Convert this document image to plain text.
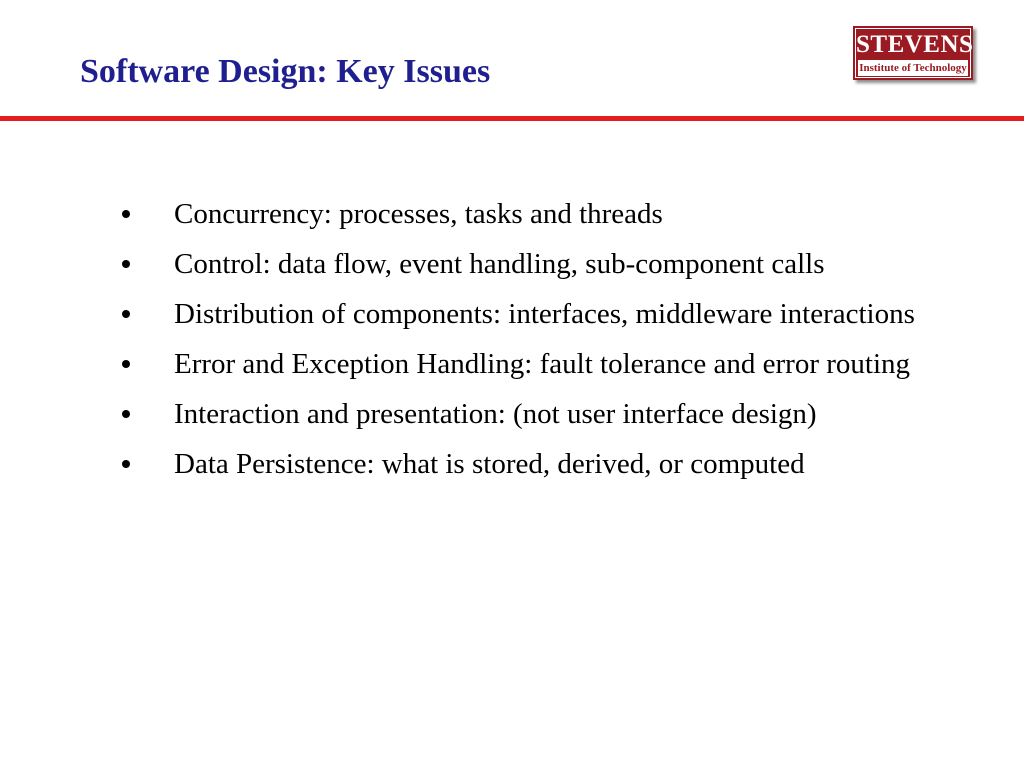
Software Design: Key Issues
STEVENS
Institute of Technology
Concurrency: processes, tasks and threads
Control: data flow, event handling, sub-component calls
Distribution of components: interfaces, middleware interactions
Error and Exception Handling: fault tolerance and error routing
Interaction and presentation: (not user interface design)
Data Persistence: what is stored, derived, or computed
